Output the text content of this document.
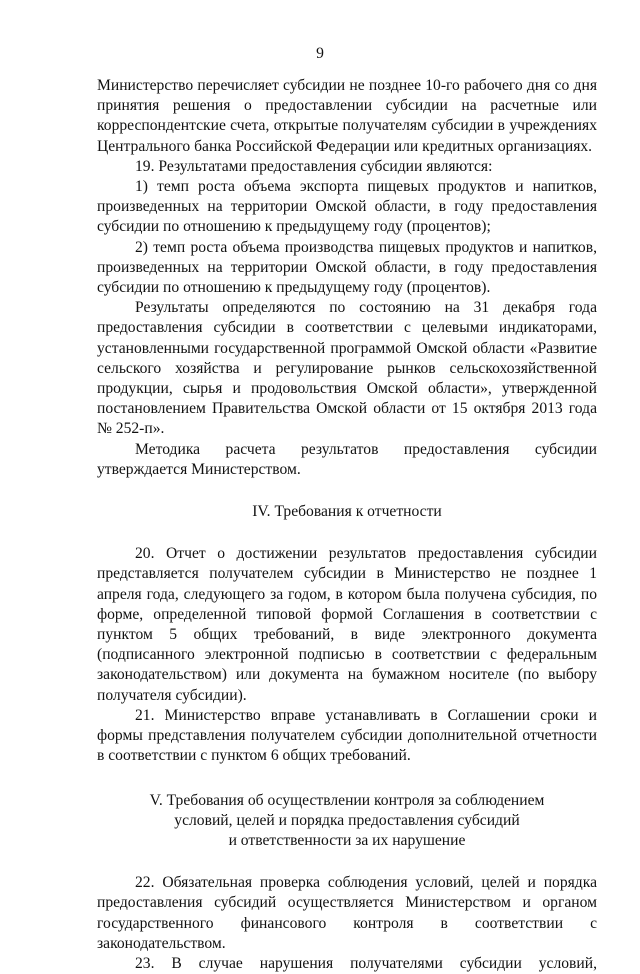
9

Министерство перечисляет субсидии не позднее 10-го рабочего дня со дня принятия решения о предоставлении субсидии на расчетные или корреспондентские счета, открытые получателям субсидии в учреждениях Центрального банка Российской Федерации или кредитных организациях.

19. Результатами предоставления субсидии являются:

1) темп роста объема экспорта пищевых продуктов и напитков, произведенных на территории Омской области, в году предоставления субсидии по отношению к предыдущему году (процентов);

2) темп роста объема производства пищевых продуктов и напитков, произведенных на территории Омской области, в году предоставления субсидии по отношению к предыдущему году (процентов).

Результаты определяются по состоянию на 31 декабря года предоставления субсидии в соответствии с целевыми индикаторами, установленными государственной программой Омской области «Развитие сельского хозяйства и регулирование рынков сельскохозяйственной продукции, сырья и продовольствия Омской области», утвержденной постановлением Правительства Омской области от 15 октября 2013 года № 252-п».

Методика расчета результатов предоставления субсидии утверждается Министерством.

IV. Требования к отчетности

20. Отчет о достижении результатов предоставления субсидии представляется получателем субсидии в Министерство не позднее 1 апреля года, следующего за годом, в котором была получена субсидия, по форме, определенной типовой формой Соглашения в соответствии с пунктом 5 общих требований, в виде электронного документа (подписанного электронной подписью в соответствии с федеральным законодательством) или документа на бумажном носителе (по выбору получателя субсидии).

21. Министерство вправе устанавливать в Соглашении сроки и формы представления получателем субсидии дополнительной отчетности в соответствии с пунктом 6 общих требований.

V. Требования об осуществлении контроля за соблюдением

условий, целей и порядка предоставления субсидий

и ответственности за их нарушение

22. Обязательная проверка соблюдения условий, целей и порядка предоставления субсидий осуществляется Министерством и органом государственного финансового контроля в соответствии с законодательством.

23. В случае нарушения получателями субсидии условий,
